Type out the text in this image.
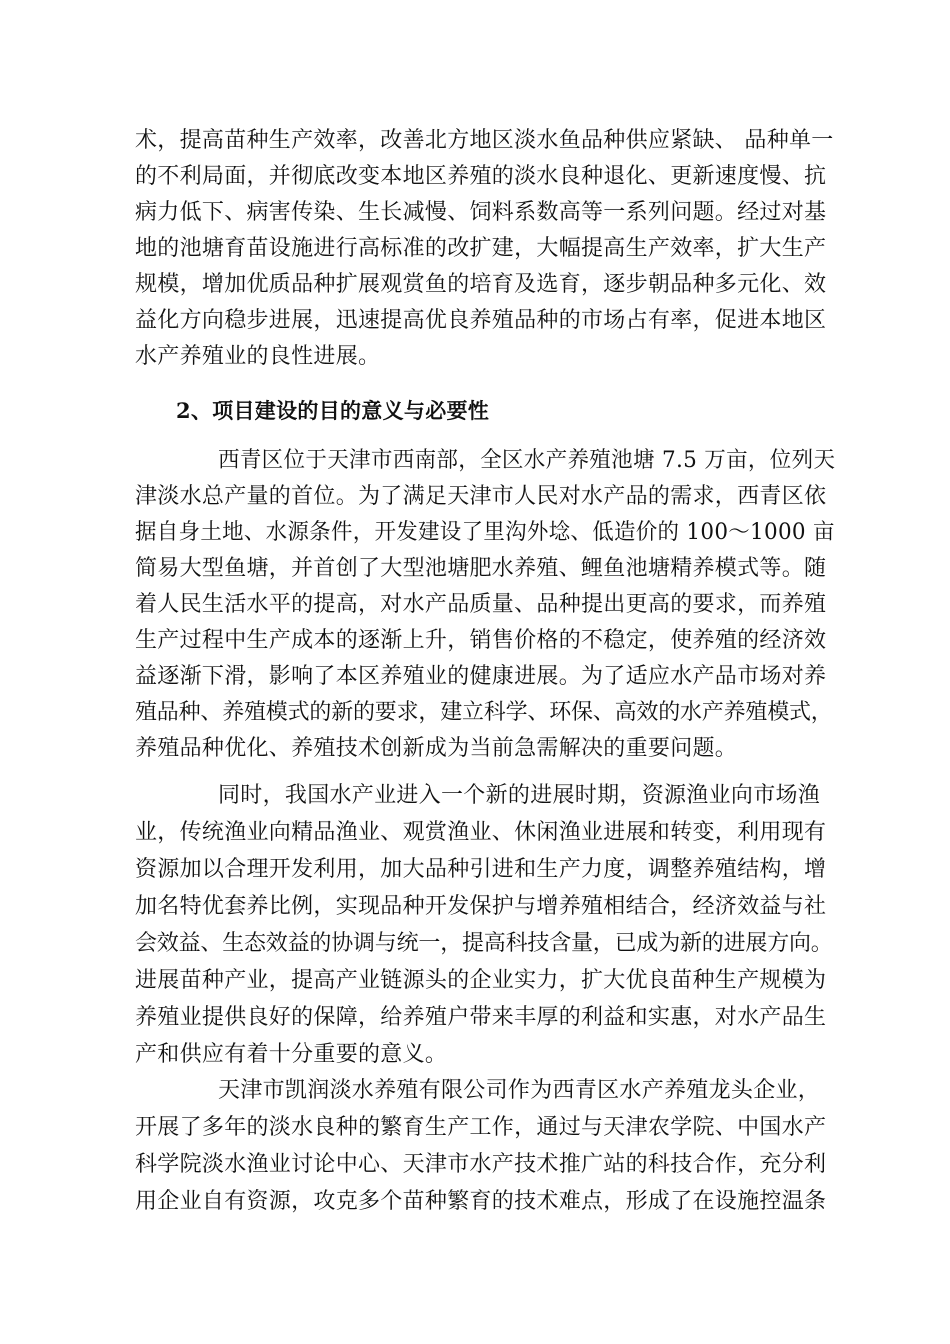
术，提高苗种生产效率，改善北方地区淡水鱼品种供应紧缺、 品种单一
的不利局面，并彻底改变本地区养殖的淡水良种退化、更新速度慢、抗
病力低下、病害传染、生长减慢、饲料系数高等一系列问题。经过对基
地的池塘育苗设施进行高标准的改扩建，大幅提高生产效率，扩大生产
规模，增加优质品种扩展观赏鱼的培育及选育，逐步朝品种多元化、效
益化方向稳步进展，迅速提高优良养殖品种的市场占有率，促进本地区
水产养殖业的良性进展。
2、项目建设的目的意义与必要性
西青区位于天津市西南部，全区水产养殖池塘 7.5 万亩，位列天
津淡水总产量的首位。为了满足天津市人民对水产品的需求，西青区依
据自身土地、水源条件，开发建设了里沟外埝、低造价的 100～1000 亩
简易大型鱼塘，并首创了大型池塘肥水养殖、鲤鱼池塘精养模式等。随
着人民生活水平的提高，对水产品质量、品种提出更高的要求，而养殖
生产过程中生产成本的逐渐上升，销售价格的不稳定，使养殖的经济效
益逐渐下滑，影响了本区养殖业的健康进展。为了适应水产品市场对养
殖品种、养殖模式的新的要求，建立科学、环保、高效的水产养殖模式，
养殖品种优化、养殖技术创新成为当前急需解决的重要问题。
同时，我国水产业进入一个新的进展时期，资源渔业向市场渔
业，传统渔业向精品渔业、观赏渔业、休闲渔业进展和转变，利用现有
资源加以合理开发利用，加大品种引进和生产力度，调整养殖结构，增
加名特优套养比例，实现品种开发保护与增养殖相结合，经济效益与社
会效益、生态效益的协调与统一，提高科技含量，已成为新的进展方向。
进展苗种产业，提高产业链源头的企业实力，扩大优良苗种生产规模为
养殖业提供良好的保障，给养殖户带来丰厚的利益和实惠，对水产品生
产和供应有着十分重要的意义。
天津市凯润淡水养殖有限公司作为西青区水产养殖龙头企业，
开展了多年的淡水良种的繁育生产工作，通过与天津农学院、中国水产
科学院淡水渔业讨论中心、天津市水产技术推广站的科技合作，充分利
用企业自有资源，攻克多个苗种繁育的技术难点，形成了在设施控温条
